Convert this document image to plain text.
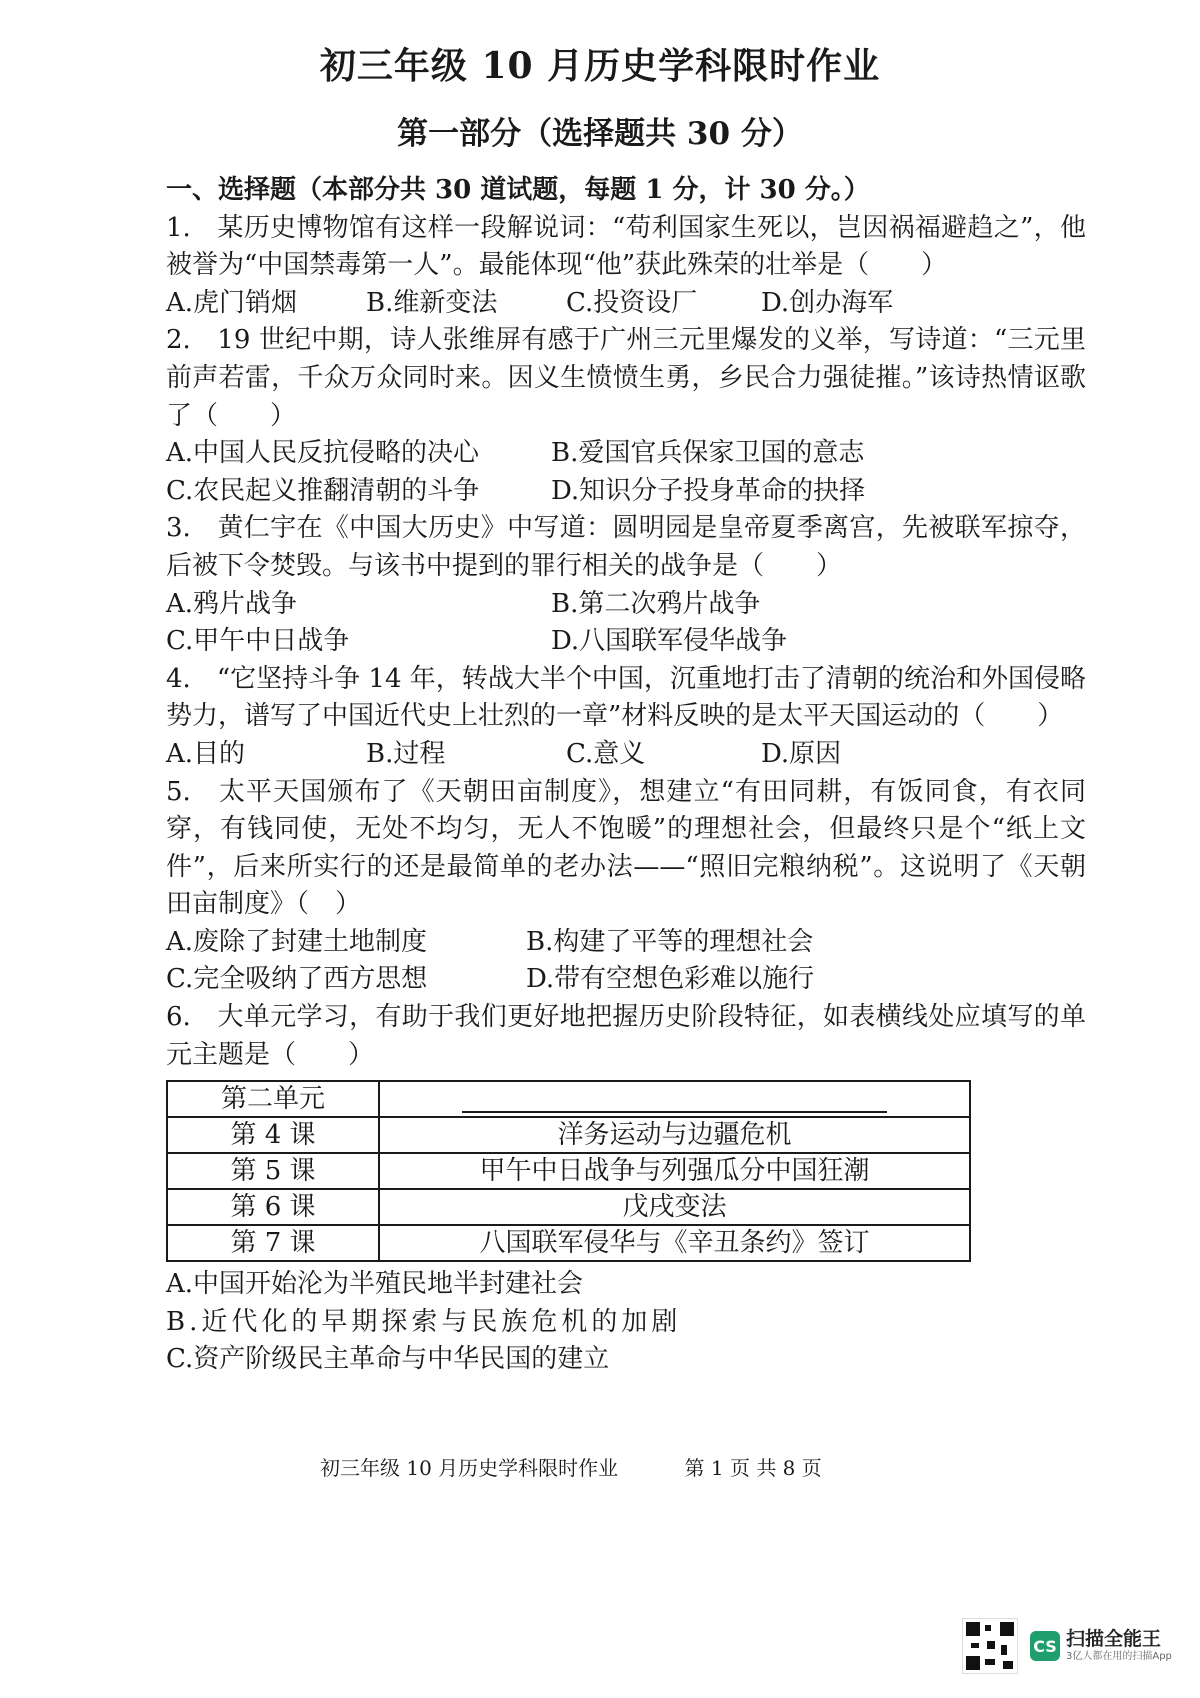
初三年级 10 月历史学科限时作业
第一部分（选择题共 30 分）
一、选择题（本部分共 30 道试题，每题 1 分，计 30 分。）
1.　某历史博物馆有这样一段解说词：“苟利国家生死以，岂因祸福避趋之”，他被誉为“中国禁毒第一人”。最能体现“他”获此殊荣的壮举是（　　）
A.虎门销烟	B.维新变法	C.投资设厂	D.创办海军
2.　19 世纪中期，诗人张维屏有感于广州三元里爆发的义举，写诗道：“三元里前声若雷，千众万众同时来。因义生愤愤生勇，乡民合力强徒摧。”该诗热情讴歌了（　　）
A.中国人民反抗侵略的决心	B.爱国官兵保家卫国的意志
C.农民起义推翻清朝的斗争	D.知识分子投身革命的抉择
3.　黄仁宇在《中国大历史》中写道：圆明园是皇帝夏季离宫，先被联军掠夺，后被下令焚毁。与该书中提到的罪行相关的战争是（　　）
A.鸦片战争	B.第二次鸦片战争
C.甲午中日战争	D.八国联军侵华战争
4.　“它坚持斗争 14 年，转战大半个中国，沉重地打击了清朝的统治和外国侵略势力，谱写了中国近代史上壮烈的一章”材料反映的是太平天国运动的（　　）
A.目的	B.过程	C.意义	D.原因
5.　太平天国颁布了《天朝田亩制度》，想建立“有田同耕，有饭同食，有衣同穿，有钱同使，无处不均匀，无人不饱暖”的理想社会，但最终只是个“纸上文件”，后来所实行的还是最简单的老办法——“照旧完粮纳税”。这说明了《天朝田亩制度》（　）
A.废除了封建土地制度	B.构建了平等的理想社会
C.完全吸纳了西方思想	D.带有空想色彩难以施行
6.　大单元学习，有助于我们更好地把握历史阶段特征，如表横线处应填写的单元主题是（　　）
第二单元	
第 4 课	洋务运动与边疆危机
第 5 课	甲午中日战争与列强瓜分中国狂潮
第 6 课	戊戌变法
第 7 课	八国联军侵华与《辛丑条约》签订
A.中国开始沦为半殖民地半封建社会
B.近代化的早期探索与民族危机的加剧
C.资产阶级民主革命与中华民国的建立
初三年级 10 月历史学科限时作业	第 1 页 共 8 页
CS 扫描全能王
3亿人都在用的扫描App
